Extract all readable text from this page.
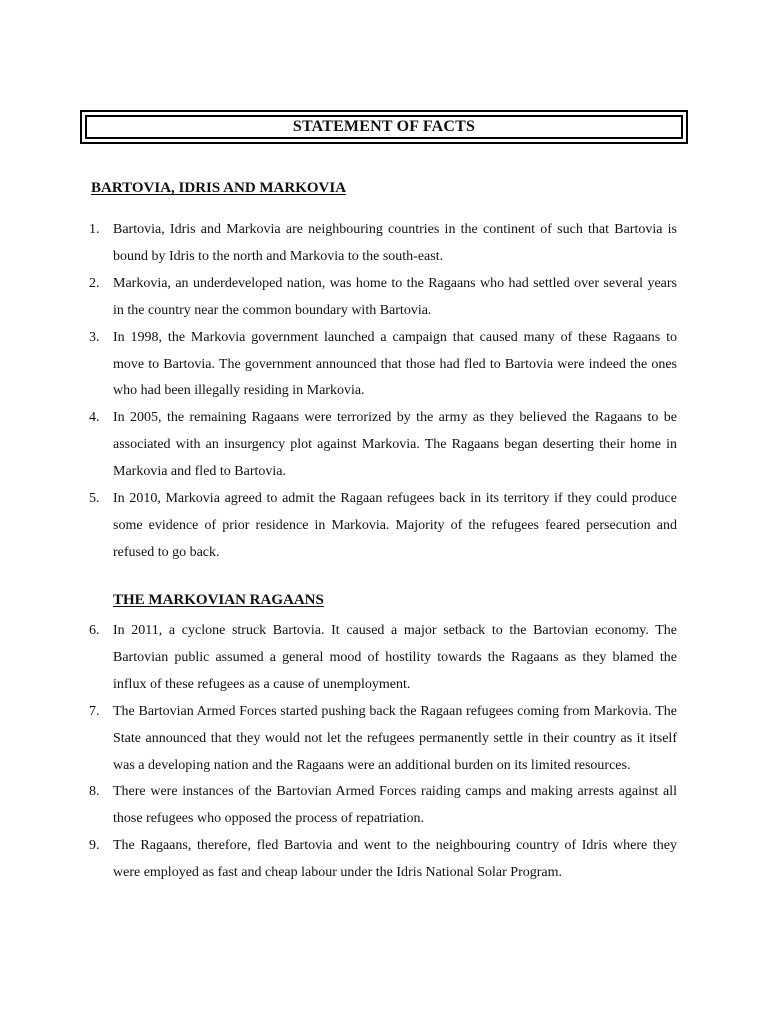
STATEMENT OF FACTS
BARTOVIA, IDRIS AND MARKOVIA
1. Bartovia, Idris and Markovia are neighbouring countries in the continent of such that Bartovia is bound by Idris to the north and Markovia to the south-east.
2. Markovia, an underdeveloped nation, was home to the Ragaans who had settled over several years in the country near the common boundary with Bartovia.
3. In 1998, the Markovia government launched a campaign that caused many of these Ragaans to move to Bartovia. The government announced that those had fled to Bartovia were indeed the ones who had been illegally residing in Markovia.
4. In 2005, the remaining Ragaans were terrorized by the army as they believed the Ragaans to be associated with an insurgency plot against Markovia. The Ragaans began deserting their home in Markovia and fled to Bartovia.
5. In 2010, Markovia agreed to admit the Ragaan refugees back in its territory if they could produce some evidence of prior residence in Markovia. Majority of the refugees feared persecution and refused to go back.
THE MARKOVIAN RAGAANS
6. In 2011, a cyclone struck Bartovia. It caused a major setback to the Bartovian economy. The Bartovian public assumed a general mood of hostility towards the Ragaans as they blamed the influx of these refugees as a cause of unemployment.
7. The Bartovian Armed Forces started pushing back the Ragaan refugees coming from Markovia. The State announced that they would not let the refugees permanently settle in their country as it itself was a developing nation and the Ragaans were an additional burden on its limited resources.
8. There were instances of the Bartovian Armed Forces raiding camps and making arrests against all those refugees who opposed the process of repatriation.
9. The Ragaans, therefore, fled Bartovia and went to the neighbouring country of Idris where they were employed as fast and cheap labour under the Idris National Solar Program.
